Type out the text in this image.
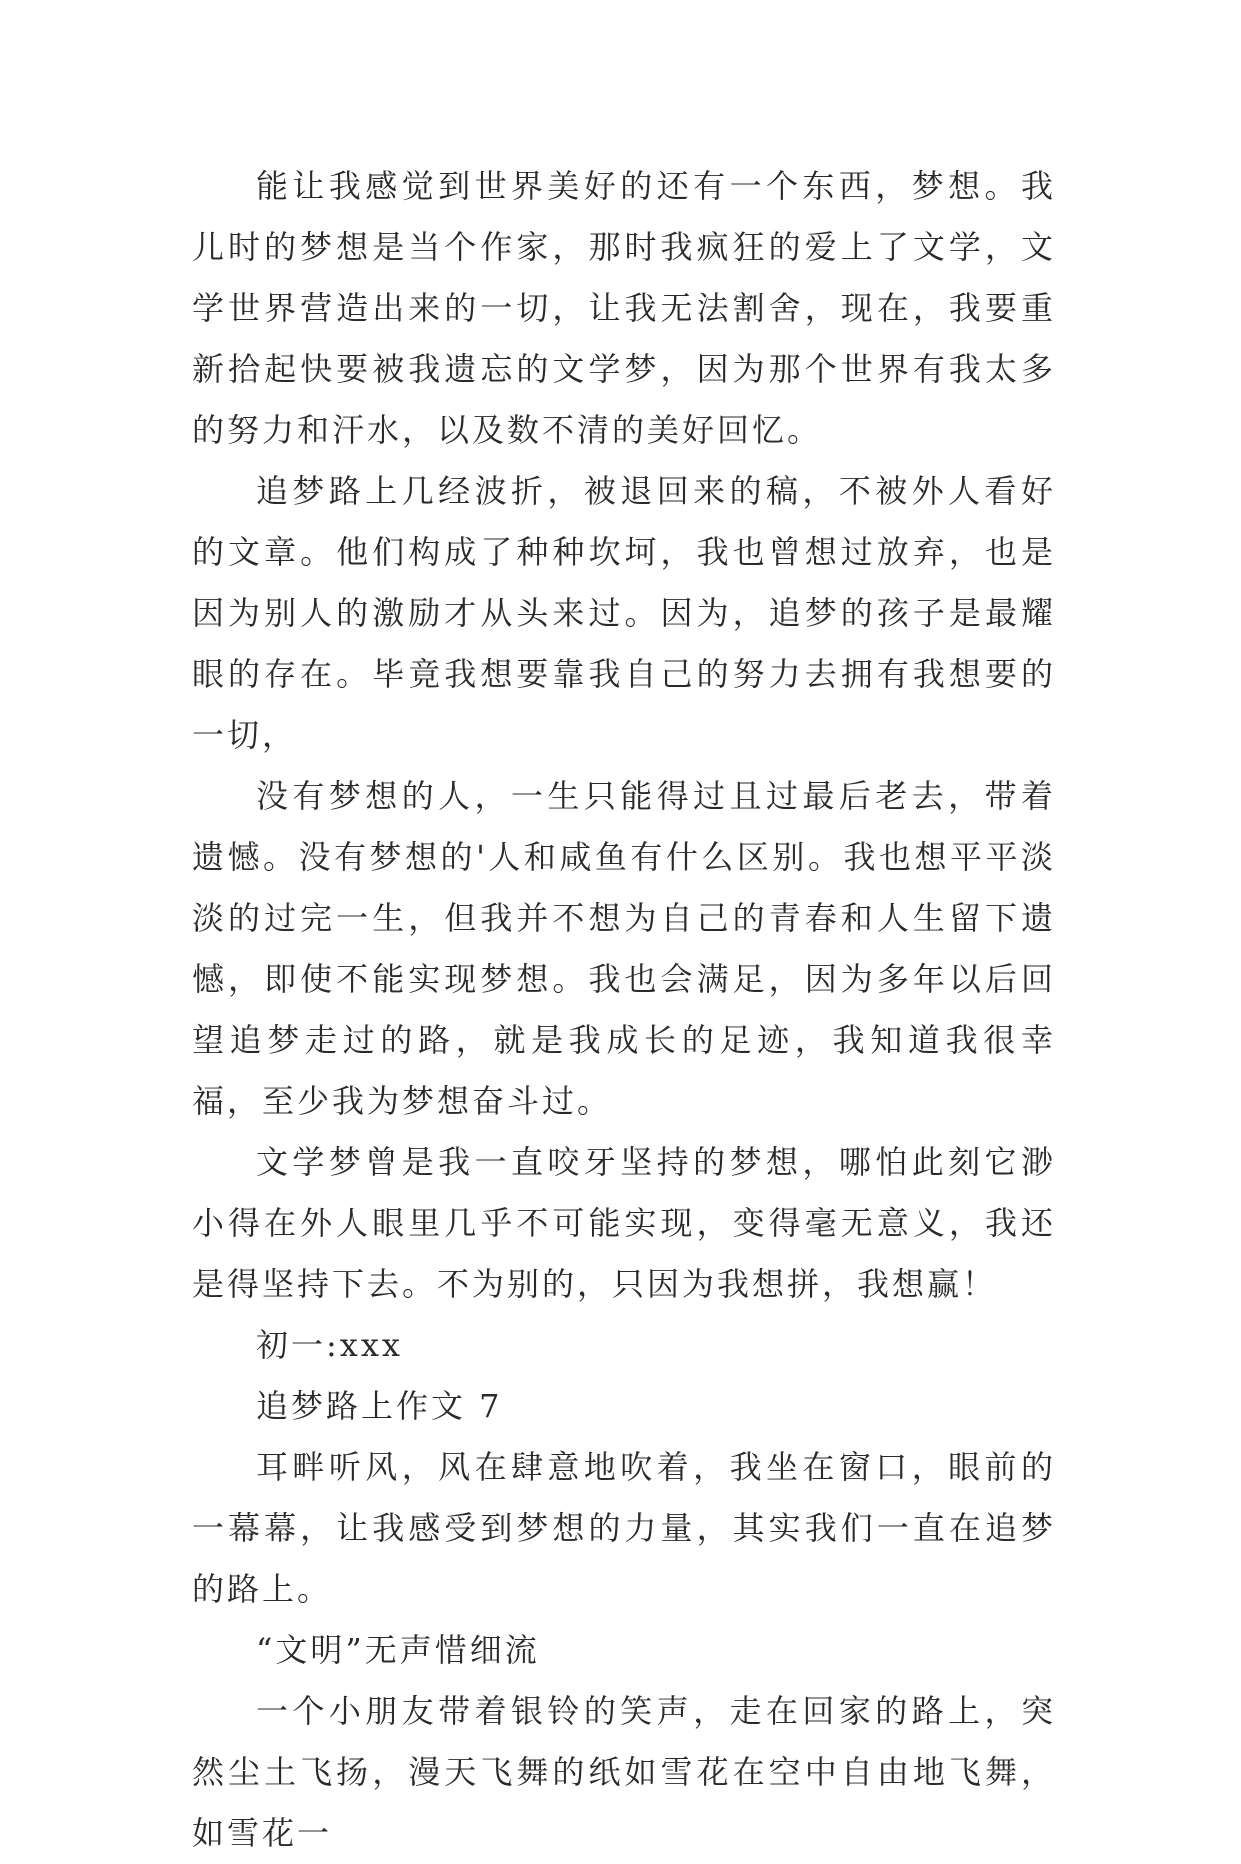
能让我感觉到世界美好的还有一个东西，梦想。我儿时的梦想是当个作家，那时我疯狂的爱上了文学，文学世界营造出来的一切，让我无法割舍，现在，我要重新拾起快要被我遗忘的文学梦，因为那个世界有我太多的努力和汗水，以及数不清的美好回忆。

追梦路上几经波折，被退回来的稿，不被外人看好的文章。他们构成了种种坎坷，我也曾想过放弃，也是因为别人的激励才从头来过。因为，追梦的孩子是最耀眼的存在。毕竟我想要靠我自己的努力去拥有我想要的一切，

没有梦想的人，一生只能得过且过最后老去，带着遗憾。没有梦想的'人和咸鱼有什么区别。我也想平平淡淡的过完一生，但我并不想为自己的青春和人生留下遗憾，即使不能实现梦想。我也会满足，因为多年以后回望追梦走过的路，就是我成长的足迹，我知道我很幸福，至少我为梦想奋斗过。

文学梦曾是我一直咬牙坚持的梦想，哪怕此刻它渺小得在外人眼里几乎不可能实现，变得毫无意义，我还是得坚持下去。不为别的，只因为我想拼，我想赢！

初一:xxx

追梦路上作文 7

耳畔听风，风在肆意地吹着，我坐在窗口，眼前的一幕幕，让我感受到梦想的力量，其实我们一直在追梦的路上。

“文明”无声惜细流

一个小朋友带着银铃的笑声，走在回家的路上，突然尘土飞扬，漫天飞舞的纸如雪花在空中自由地飞舞，如雪花一
